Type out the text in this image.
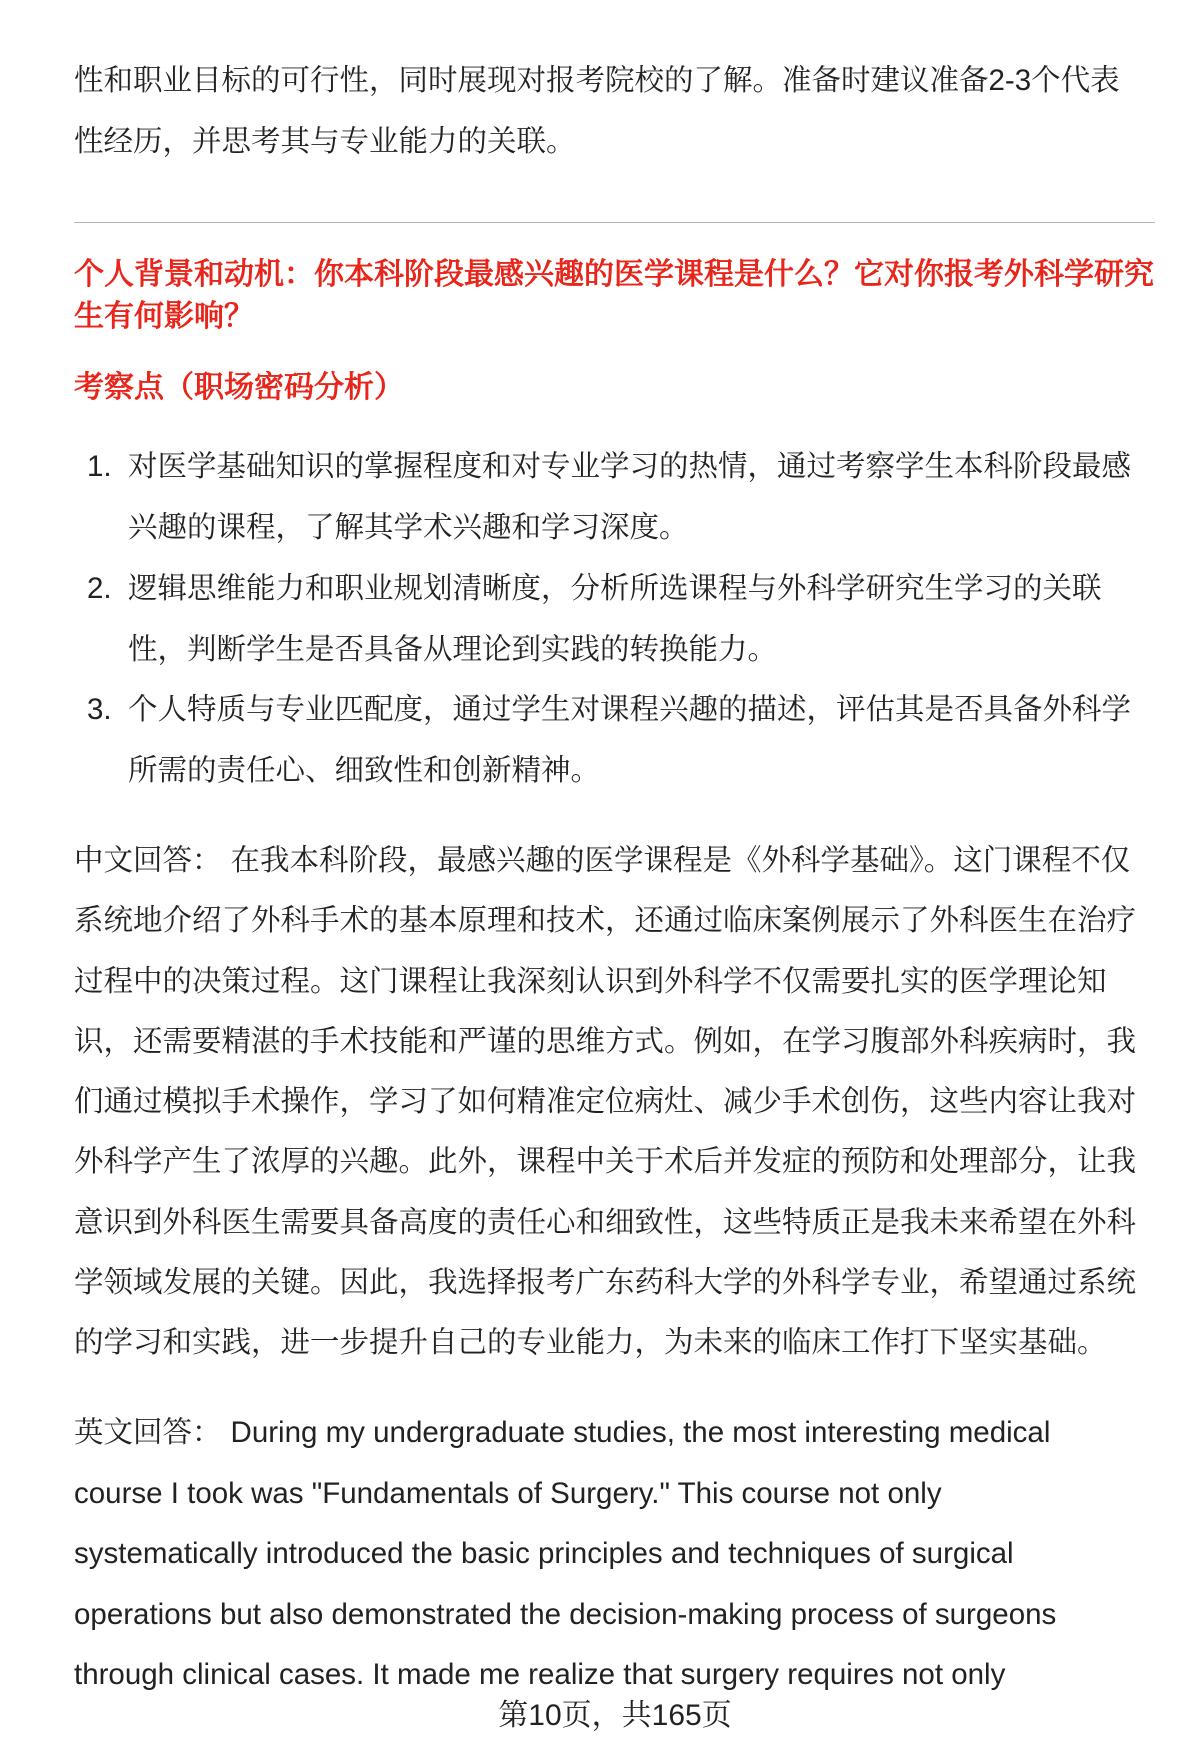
性和职业目标的可行性，同时展现对报考院校的了解。准备时建议准备2-3个代表
性经历，并思考其与专业能力的关联。
个人背景和动机：你本科阶段最感兴趣的医学课程是什么？它对你报考外科学研究
生有何影响？
考察点（职场密码分析）
1. 对医学基础知识的掌握程度和对专业学习的热情，通过考察学生本科阶段最感
兴趣的课程，了解其学术兴趣和学习深度。
2. 逻辑思维能力和职业规划清晰度，分析所选课程与外科学研究生学习的关联
性，判断学生是否具备从理论到实践的转换能力。
3. 个人特质与专业匹配度，通过学生对课程兴趣的描述，评估其是否具备外科学
所需的责任心、细致性和创新精神。
中文回答： 在我本科阶段，最感兴趣的医学课程是《外科学基础》。这门课程不仅
系统地介绍了外科手术的基本原理和技术，还通过临床案例展示了外科医生在治疗
过程中的决策过程。这门课程让我深刻认识到外科学不仅需要扎实的医学理论知
识，还需要精湛的手术技能和严谨的思维方式。例如，在学习腹部外科疾病时，我
们通过模拟手术操作，学习了如何精准定位病灶、减少手术创伤，这些内容让我对
外科学产生了浓厚的兴趣。此外，课程中关于术后并发症的预防和处理部分，让我
意识到外科医生需要具备高度的责任心和细致性，这些特质正是我未来希望在外科
学领域发展的关键。因此，我选择报考广东药科大学的外科学专业，希望通过系统
的学习和实践，进一步提升自己的专业能力，为未来的临床工作打下坚实基础。
英文回答： During my undergraduate studies, the most interesting medical
course I took was "Fundamentals of Surgery." This course not only
systematically introduced the basic principles and techniques of surgical
operations but also demonstrated the decision-making process of surgeons
through clinical cases. It made me realize that surgery requires not only
第10页，共165页
